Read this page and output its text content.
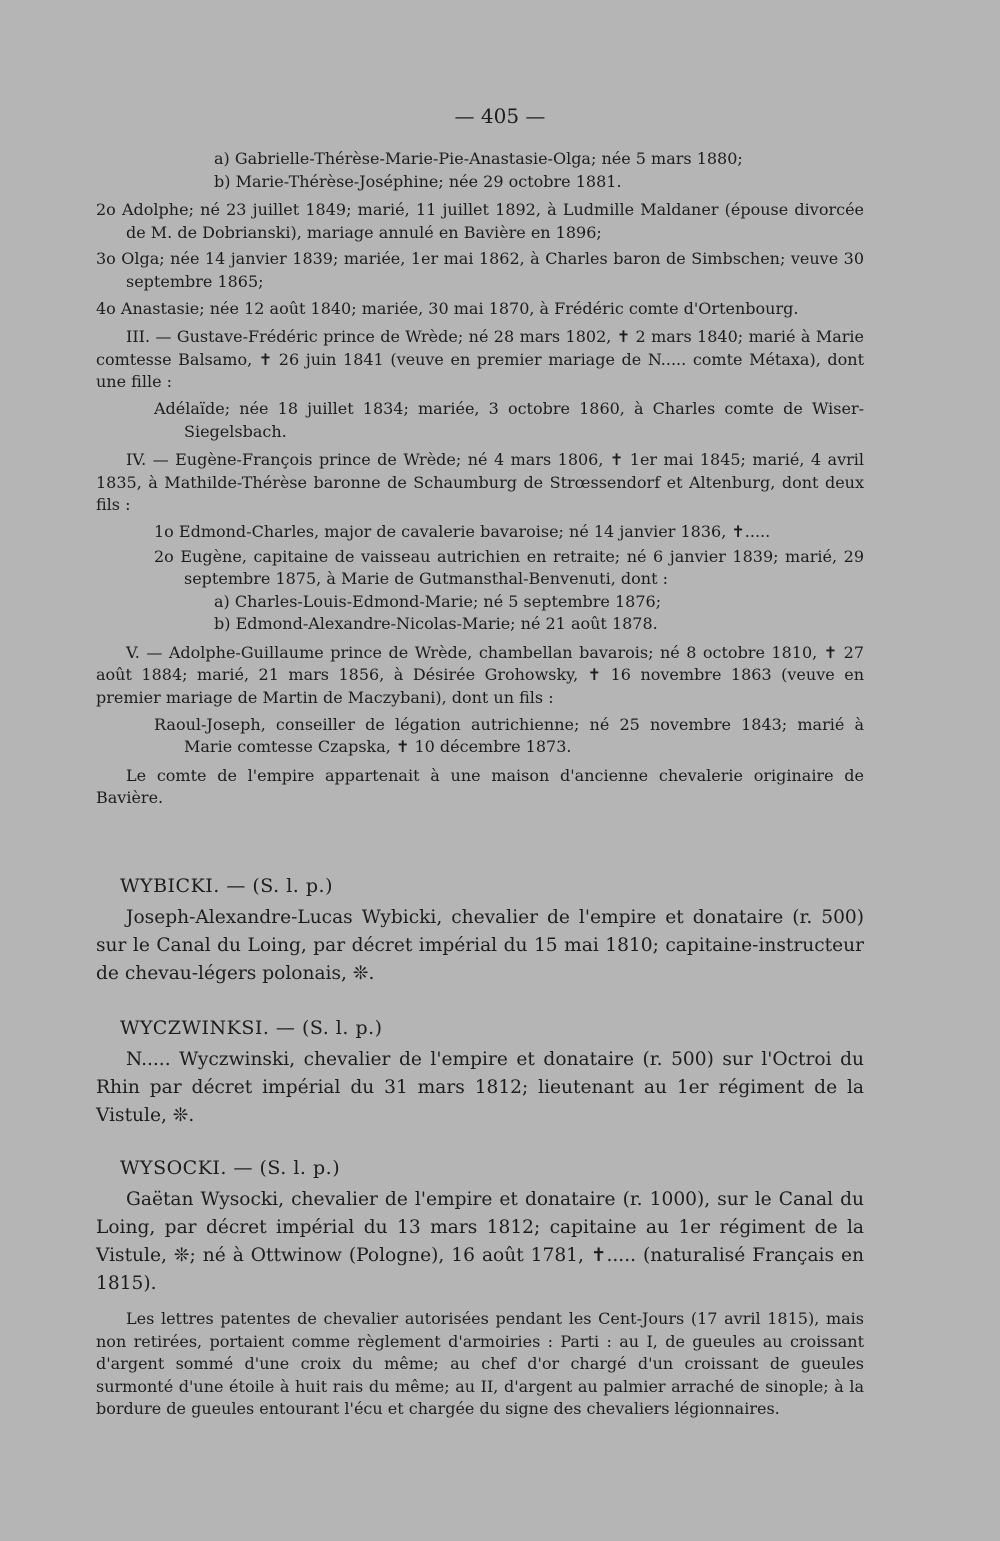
— 405 —

a) Gabrielle-Thérèse-Marie-Pie-Anastasie-Olga; née 5 mars 1880;

b) Marie-Thérèse-Joséphine; née 29 octobre 1881.

2o Adolphe; né 23 juillet 1849; marié, 11 juillet 1892, à Ludmille Maldaner (épouse divorcée de M. de Dobrianski), mariage annulé en Bavière en 1896;

3o Olga; née 14 janvier 1839; mariée, 1er mai 1862, à Charles baron de Simbschen; veuve 30 septembre 1865;

4o Anastasie; née 12 août 1840; mariée, 30 mai 1870, à Frédéric comte d'Ortenbourg.

III. — Gustave-Frédéric prince de Wrède; né 28 mars 1802, ✝ 2 mars 1840; marié à Marie comtesse Balsamo, ✝ 26 juin 1841 (veuve en premier mariage de N..... comte Métaxa), dont une fille :

Adélaïde; née 18 juillet 1834; mariée, 3 octobre 1860, à Charles comte de Wiser-Siegelsbach.

IV. — Eugène-François prince de Wrède; né 4 mars 1806, ✝ 1er mai 1845; marié, 4 avril 1835, à Mathilde-Thérèse baronne de Schaumburg de Strœssendorf et Altenburg, dont deux fils :

1o Edmond-Charles, major de cavalerie bavaroise; né 14 janvier 1836, ✝.....

2o Eugène, capitaine de vaisseau autrichien en retraite; né 6 janvier 1839; marié, 29 septembre 1875, à Marie de Gutmansthal-Benvenuti, dont :

a) Charles-Louis-Edmond-Marie; né 5 septembre 1876;

b) Edmond-Alexandre-Nicolas-Marie; né 21 août 1878.

V. — Adolphe-Guillaume prince de Wrède, chambellan bavarois; né 8 octobre 1810, ✝ 27 août 1884; marié, 21 mars 1856, à Désirée Grohowsky, ✝ 16 novembre 1863 (veuve en premier mariage de Martin de Maczybani), dont un fils :

Raoul-Joseph, conseiller de légation autrichienne; né 25 novembre 1843; marié à Marie comtesse Czapska, ✝ 10 décembre 1873.

Le comte de l'empire appartenait à une maison d'ancienne chevalerie originaire de Bavière.

WYBICKI. — (S. l. p.)

Joseph-Alexandre-Lucas Wybicki, chevalier de l'empire et donataire (r. 500) sur le Canal du Loing, par décret impérial du 15 mai 1810; capitaine-instructeur de chevau-légers polonais, ❊.

WYCZWINKSI. — (S. l. p.)

N..... Wyczwinski, chevalier de l'empire et donataire (r. 500) sur l'Octroi du Rhin par décret impérial du 31 mars 1812; lieutenant au 1er régiment de la Vistule, ❊.

WYSOCKI. — (S. l. p.)

Gaëtan Wysocki, chevalier de l'empire et donataire (r. 1000), sur le Canal du Loing, par décret impérial du 13 mars 1812; capitaine au 1er régiment de la Vistule, ❊; né à Ottwinow (Pologne), 16 août 1781, ✝..... (naturalisé Français en 1815).

Les lettres patentes de chevalier autorisées pendant les Cent-Jours (17 avril 1815), mais non retirées, portaient comme règlement d'armoiries : Parti : au I, de gueules au croissant d'argent sommé d'une croix du même; au chef d'or chargé d'un croissant de gueules surmonté d'une étoile à huit rais du même; au II, d'argent au palmier arraché de sinople; à la bordure de gueules entourant l'écu et chargée du signe des chevaliers légionnaires.
